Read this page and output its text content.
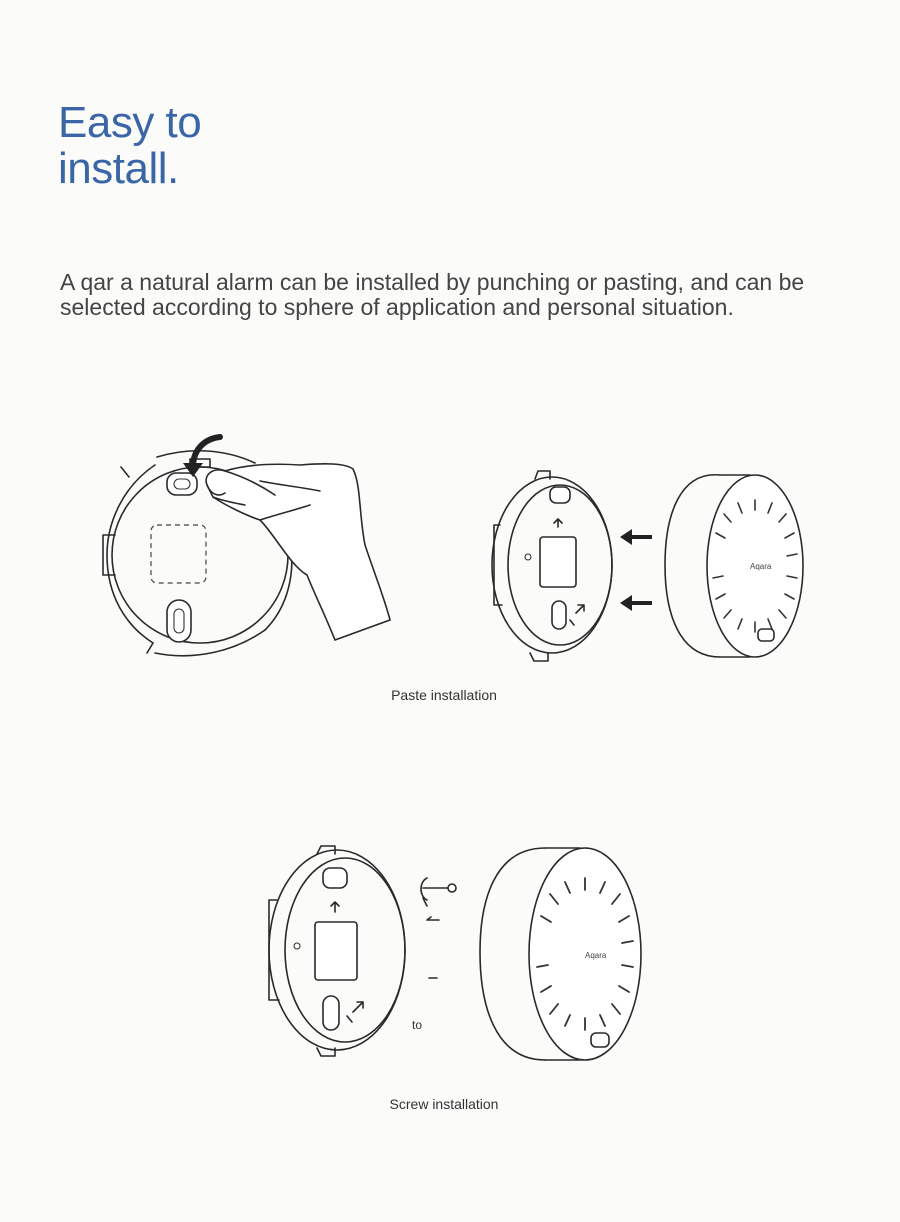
Easy to
install.

A qar a natural alarm can be installed by punching or pasting, and can be selected according to sphere of application and personal situation.

Aqara
Paste installation
to
Aqara
Screw installation
